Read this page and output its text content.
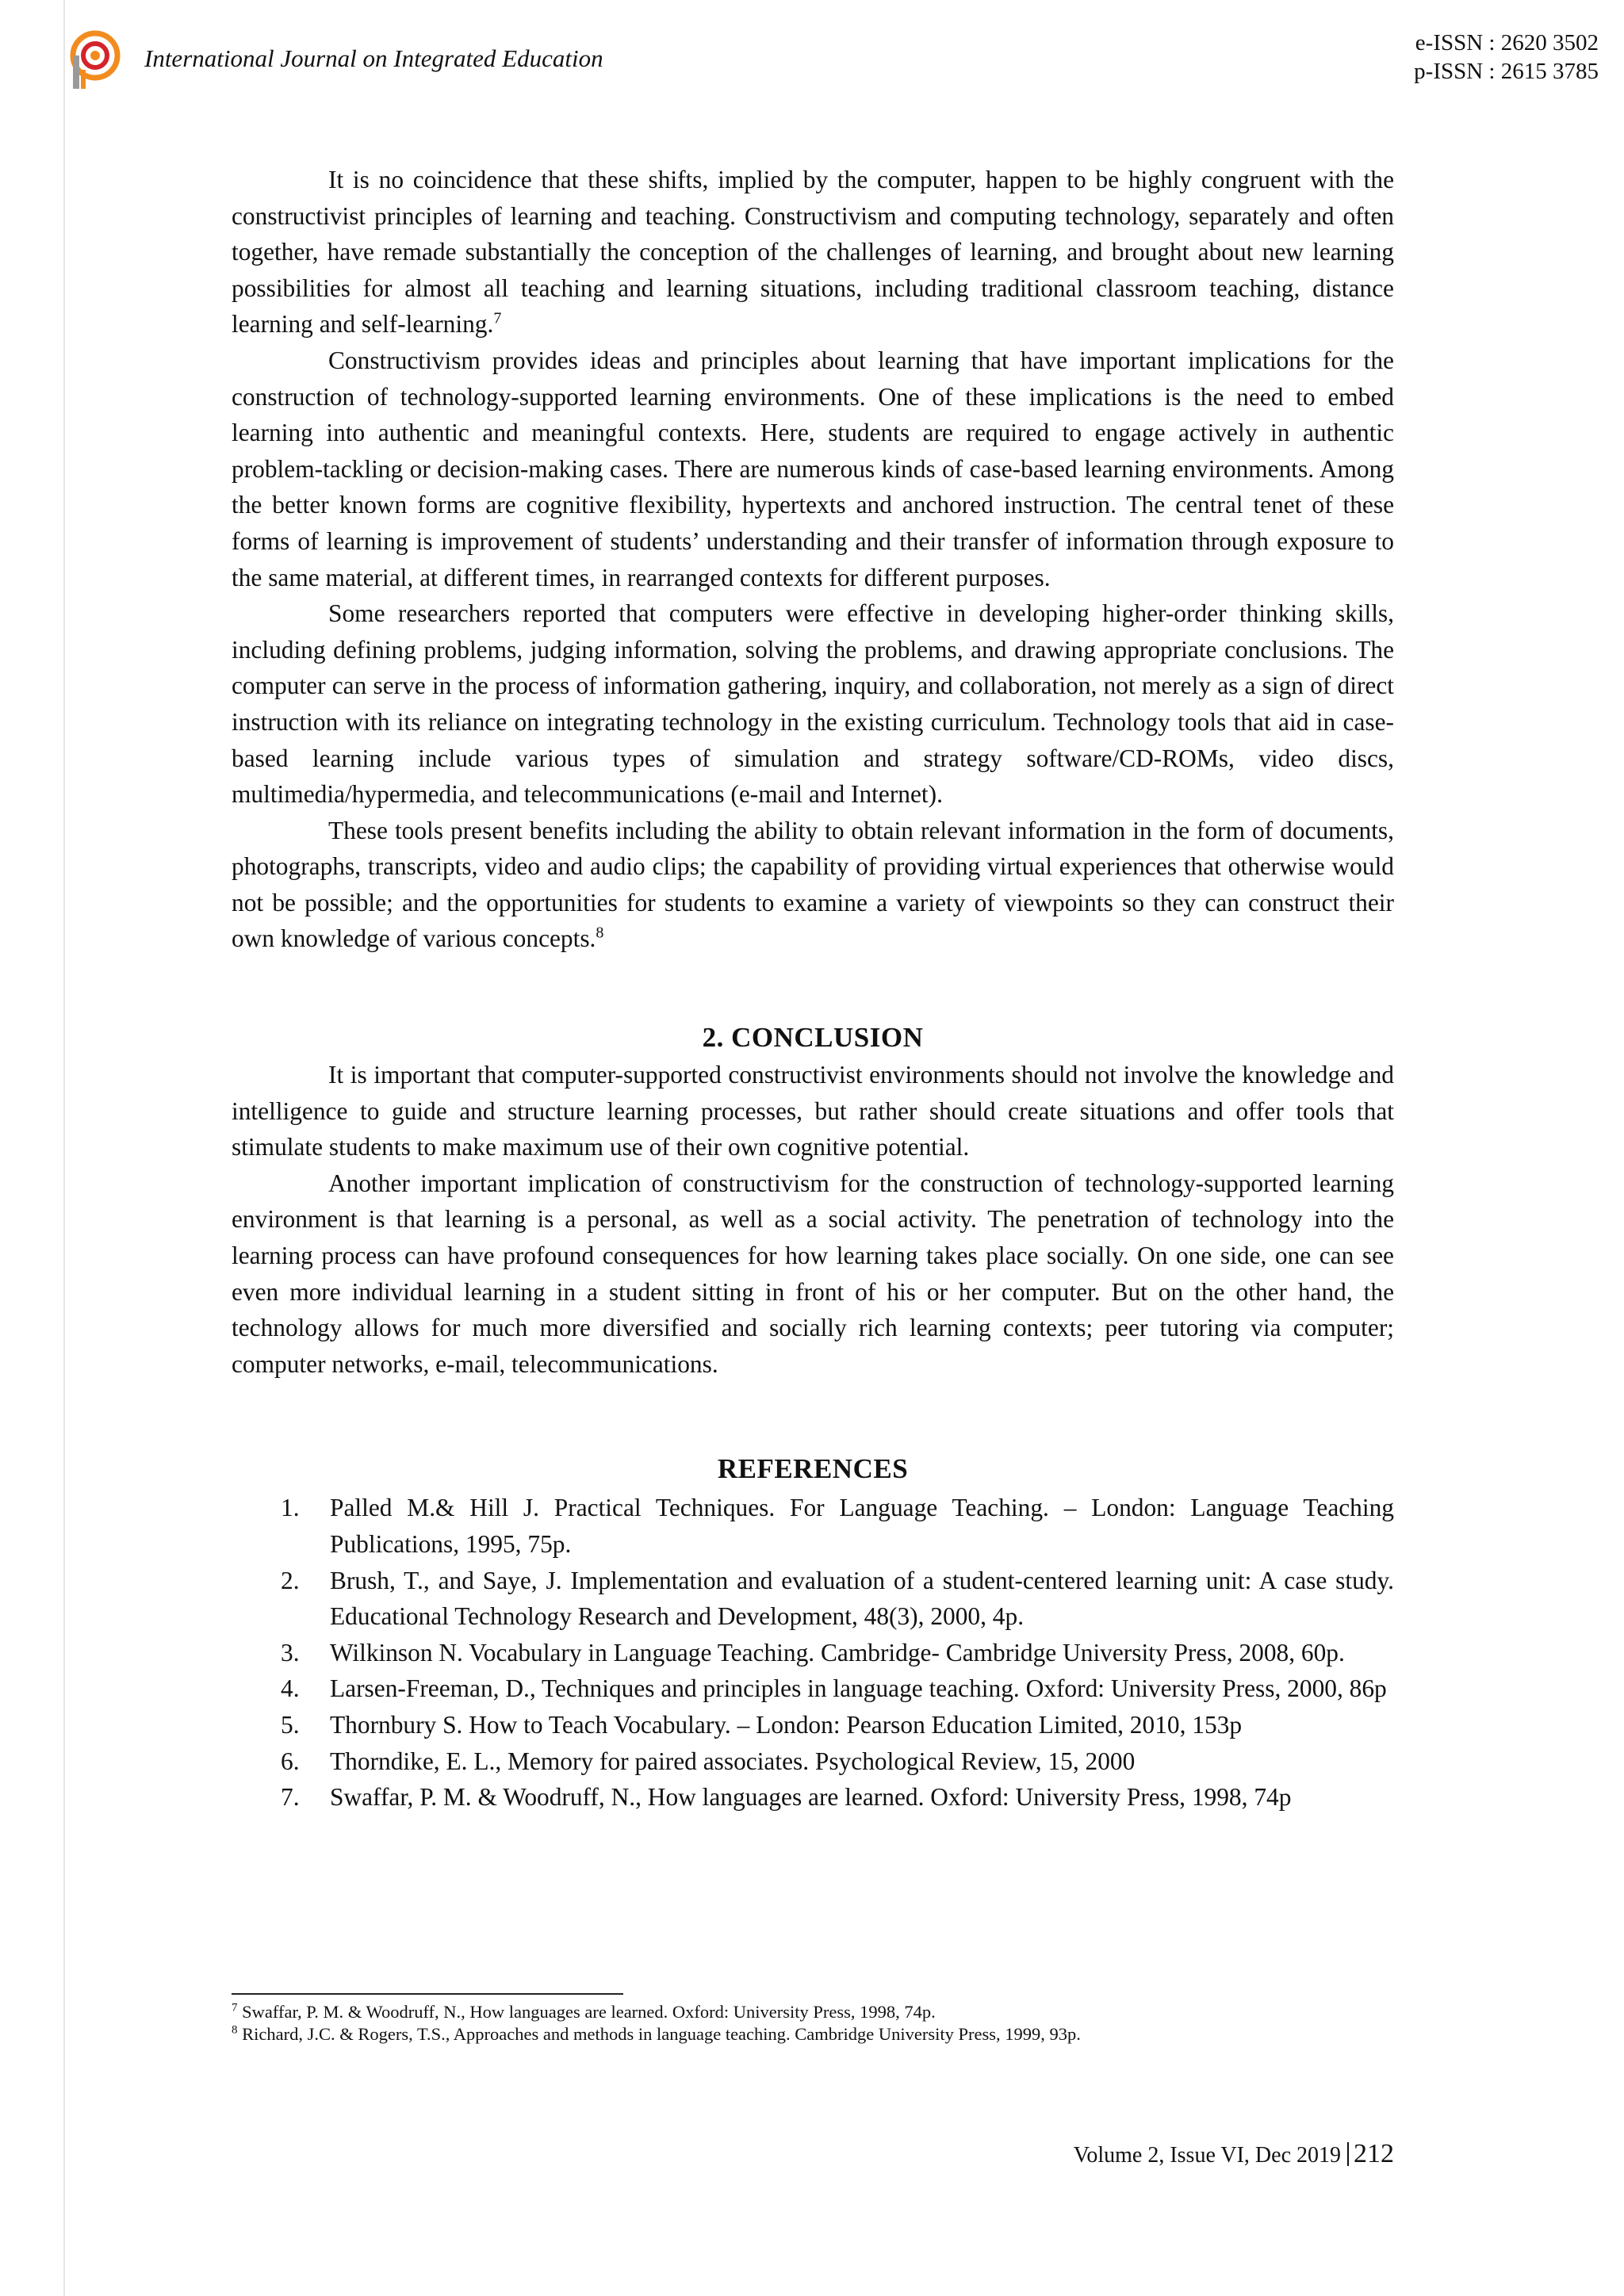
International Journal on Integrated Education
e-ISSN : 2620 3502
p-ISSN : 2615 3785

It is no coincidence that these shifts, implied by the computer, happen to be highly congruent with the constructivist principles of learning and teaching. Constructivism and computing technology, separately and often together, have remade substantially the conception of the challenges of learning, and brought about new learning possibilities for almost all teaching and learning situations, including traditional classroom teaching, distance learning and self-learning.$^7$

Constructivism provides ideas and principles about learning that have important implications for the construction of technology-supported learning environments. One of these implications is the need to embed learning into authentic and meaningful contexts. Here, students are required to engage actively in authentic problem-tackling or decision-making cases. There are numerous kinds of case-based learning environments. Among the better known forms are cognitive flexibility, hypertexts and anchored instruction. The central tenet of these forms of learning is improvement of students’ understanding and their transfer of information through exposure to the same material, at different times, in rearranged contexts for different purposes.

Some researchers reported that computers were effective in developing higher-order thinking skills, including defining problems, judging information, solving the problems, and drawing appropriate conclusions. The computer can serve in the process of information gathering, inquiry, and collaboration, not merely as a sign of direct instruction with its reliance on integrating technology in the existing curriculum. Technology tools that aid in case-based learning include various types of simulation and strategy software/CD-ROMs, video discs, multimedia/hypermedia, and telecommunications (e-mail and Internet).

These tools present benefits including the ability to obtain relevant information in the form of documents, photographs, transcripts, video and audio clips; the capability of providing virtual experiences that otherwise would not be possible; and the opportunities for students to examine a variety of viewpoints so they can construct their own knowledge of various concepts.$^8$

2. CONCLUSION

It is important that computer-supported constructivist environments should not involve the knowledge and intelligence to guide and structure learning processes, but rather should create situations and offer tools that stimulate students to make maximum use of their own cognitive potential.

Another important implication of constructivism for the construction of technology-supported learning environment is that learning is a personal, as well as a social activity. The penetration of technology into the learning process can have profound consequences for how learning takes place socially. On one side, one can see even more individual learning in a student sitting in front of his or her computer. But on the other hand, the technology allows for much more diversified and socially rich learning contexts; peer tutoring via computer; computer networks, e-mail, telecommunications.

REFERENCES
1. Palled M.& Hill J. Practical Techniques. For Language Teaching. – London: Language Teaching Publications, 1995, 75p.
2. Brush, T., and Saye, J. Implementation and evaluation of a student-centered learning unit: A case study. Educational Technology Research and Development, 48(3), 2000, 4p.
3. Wilkinson N. Vocabulary in Language Teaching. Cambridge- Cambridge University Press, 2008, 60p.
4. Larsen-Freeman, D., Techniques and principles in language teaching. Oxford: University Press, 2000, 86p
5. Thornbury S. How to Teach Vocabulary. – London: Pearson Education Limited, 2010, 153p
6. Thorndike, E. L., Memory for paired associates. Psychological Review, 15, 2000
7. Swaffar, P. M. & Woodruff, N., How languages are learned. Oxford: University Press, 1998, 74p
$^7$ Swaffar, P. M. & Woodruff, N., How languages are learned. Oxford: University Press, 1998, 74p.
$^8$ Richard, J.C. & Rogers, T.S., Approaches and methods in language teaching. Cambridge University Press, 1999, 93p.
Volume 2, Issue VI, Dec 2019 212
